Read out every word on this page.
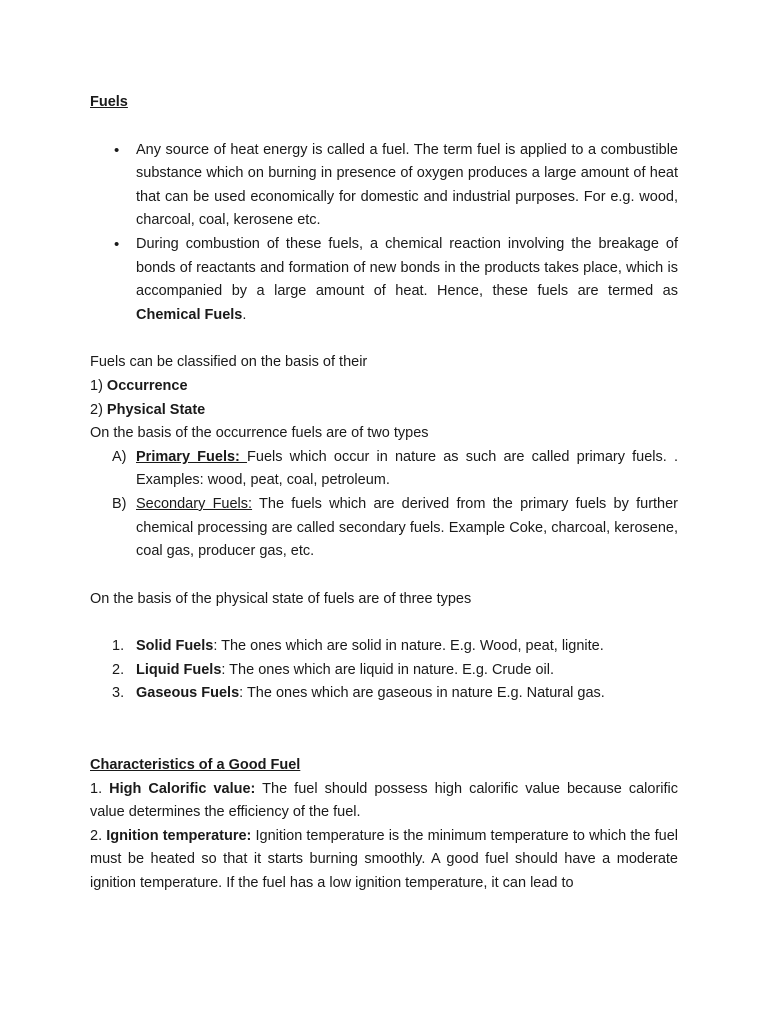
Fuels
• Any source of heat energy is called a fuel. The term fuel is applied to a combustible substance which on burning in presence of oxygen produces a large amount of heat that can be used economically for domestic and industrial purposes. For e.g. wood, charcoal, coal, kerosene etc.
• During combustion of these fuels, a chemical reaction involving the breakage of bonds of reactants and formation of new bonds in the products takes place, which is accompanied by a large amount of heat. Hence, these fuels are termed as Chemical Fuels.
Fuels can be classified on the basis of their
1) Occurrence
2) Physical State
On the basis of the occurrence fuels are of two types
A) Primary Fuels: Fuels which occur in nature as such are called primary fuels. . Examples: wood, peat, coal, petroleum.
B) Secondary Fuels: The fuels which are derived from the primary fuels by further chemical processing are called secondary fuels. Example Coke, charcoal, kerosene, coal gas, producer gas, etc.
On the basis of the physical state of fuels are of three types
1. Solid Fuels: The ones which are solid in nature. E.g. Wood, peat, lignite.
2. Liquid Fuels: The ones which are liquid in nature. E.g. Crude oil.
3. Gaseous Fuels: The ones which are gaseous in nature E.g. Natural gas.
Characteristics of a Good Fuel
1. High Calorific value: The fuel should possess high calorific value because calorific value determines the efficiency of the fuel.
2. Ignition temperature: Ignition temperature is the minimum temperature to which the fuel must be heated so that it starts burning smoothly. A good fuel should have a moderate ignition temperature. If the fuel has a low ignition temperature, it can lead to
